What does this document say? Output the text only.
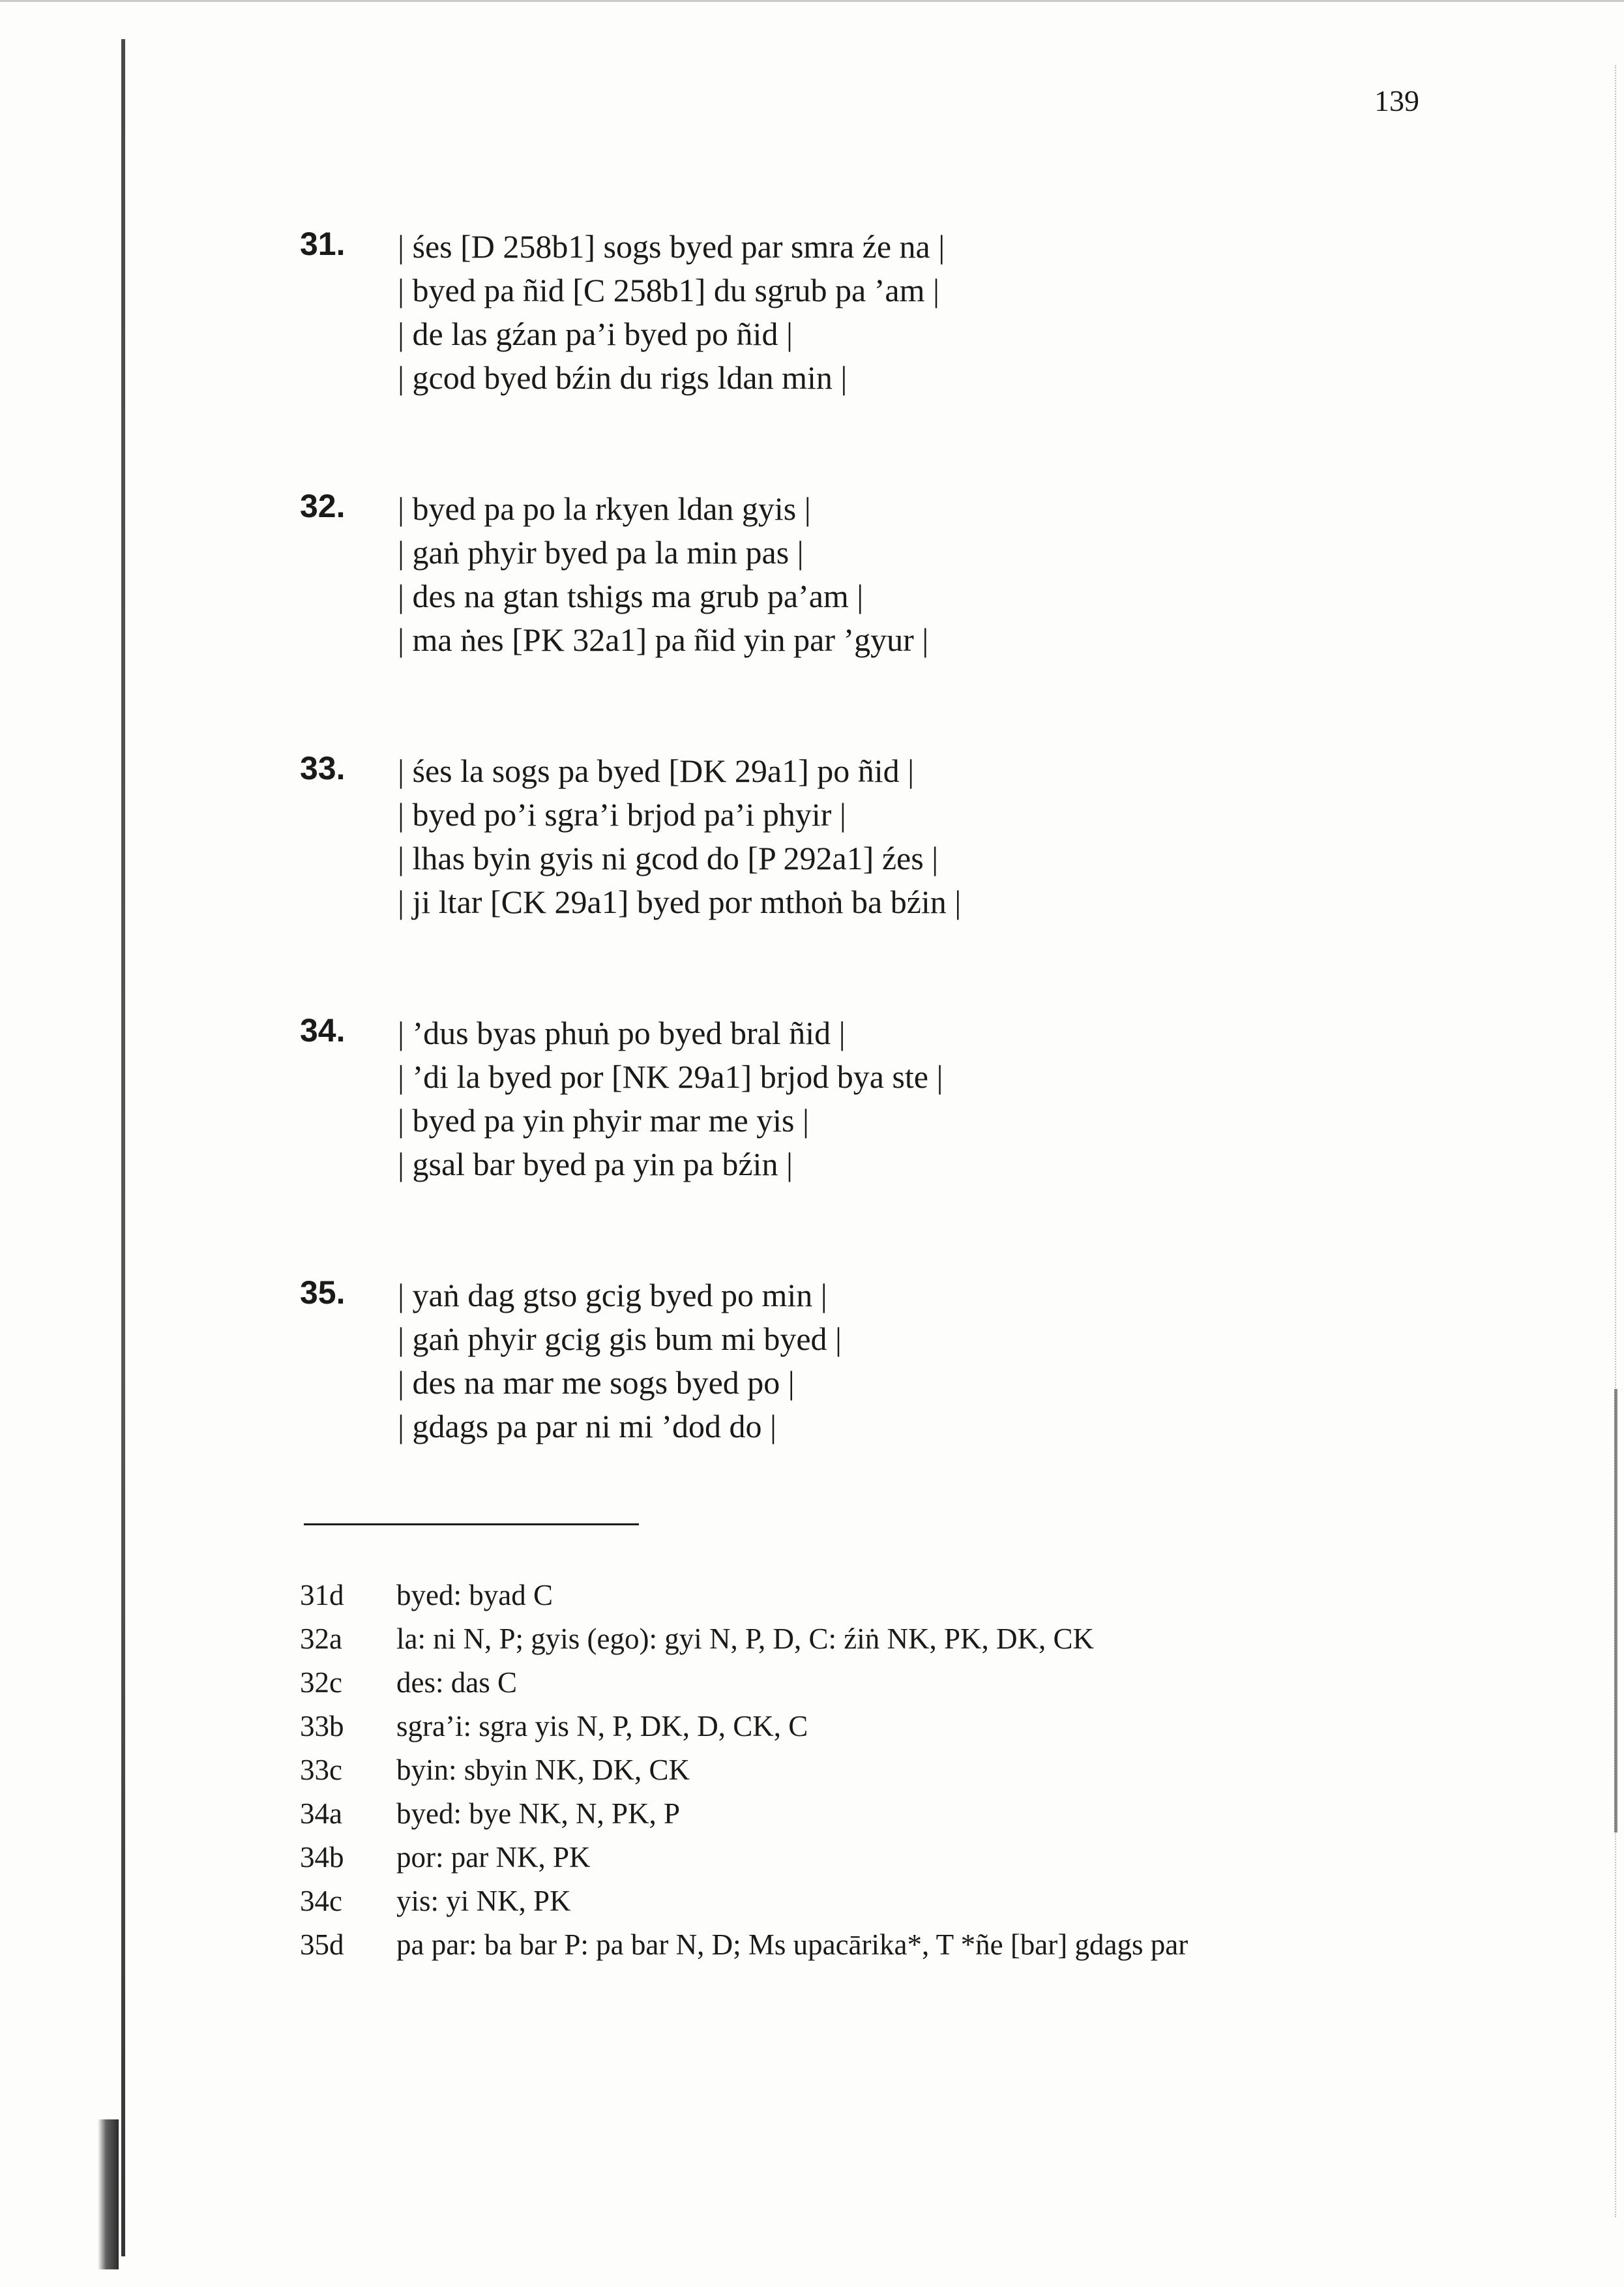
139
31. | śes [D 258b1] sogs byed par smra źe na |
| byed pa ñid [C 258b1] du sgrub pa ’am |
| de las gźan pa’i byed po ñid |
| gcod byed bźin du rigs ldan min |
32. | byed pa po la rkyen ldan gyis |
| gaṅ phyir byed pa la min pas |
| des na gtan tshigs ma grub pa’am |
| ma ṅes [PK 32a1] pa ñid yin par ’gyur |
33. | śes la sogs pa byed [DK 29a1] po ñid |
| byed po’i sgra’i brjod pa’i phyir |
| lhas byin gyis ni gcod do [P 292a1] źes |
| ji ltar [CK 29a1] byed por mthoṅ ba bźin |
34. | ’dus byas phuṅ po byed bral ñid |
| ’di la byed por [NK 29a1] brjod bya ste |
| byed pa yin phyir mar me yis |
| gsal bar byed pa yin pa bźin |
35. | yaṅ dag gtso gcig byed po min |
| gaṅ phyir gcig gis bum mi byed |
| des na mar me sogs byed po |
| gdags pa par ni mi ’dod do |
31d byed: byad C
32a la: ni N, P; gyis (ego): gyi N, P, D, C: źiṅ NK, PK, DK, CK
32c des: das C
33b sgra’i: sgra yis N, P, DK, D, CK, C
33c byin: sbyin NK, DK, CK
34a byed: bye NK, N, PK, P
34b por: par NK, PK
34c yis: yi NK, PK
35d pa par: ba bar P: pa bar N, D; Ms upacārika*, T *ñe [bar] gdags par
